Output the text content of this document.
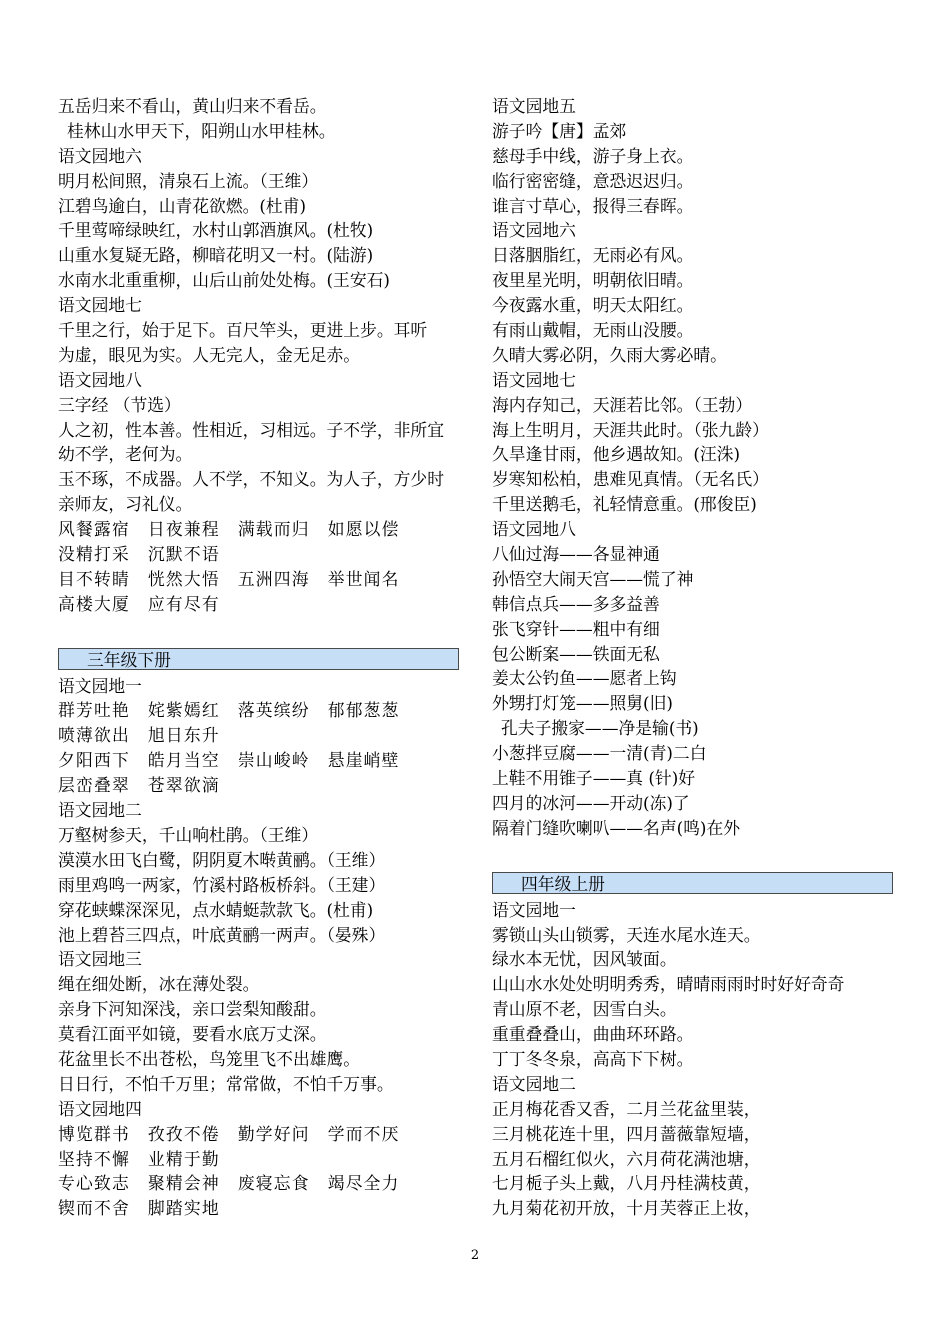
五岳归来不看山，黄山归来不看岳。
桂林山水甲天下，阳朔山水甲桂林。
语文园地六
明月松间照，清泉石上流。（王维）
江碧鸟逾白，山青花欲燃。(杜甫)
千里莺啼绿映红，水村山郭酒旗风。(杜牧)
山重水复疑无路，柳暗花明又一村。(陆游)
水南水北重重柳，山后山前处处梅。(王安石)
语文园地七
千里之行，始于足下。百尺竿头，更进上步。耳听
为虚，眼见为实。人无完人，金无足赤。
语文园地八
三字经 （节选）
人之初，性本善。性相近，习相远。子不学，非所宜
幼不学，老何为。
玉不琢，不成器。人不学，不知义。为人子，方少时
亲师友，习礼仪。
风餐露宿　日夜兼程　满载而归　如愿以偿
没精打采　沉默不语
目不转睛　恍然大悟　五洲四海　举世闻名
高楼大厦　应有尽有
三年级下册
语文园地一
群芳吐艳　姹紫嫣红　落英缤纷　郁郁葱葱
喷薄欲出　旭日东升
夕阳西下　皓月当空　崇山峻岭　悬崖峭壁
层峦叠翠　苍翠欲滴
语文园地二
万壑树参天，千山响杜鹃。（王维）
漠漠水田飞白鹭，阴阴夏木啭黄鹂。（王维）
雨里鸡鸣一两家，竹溪村路板桥斜。（王建）
穿花蛱蝶深深见，点水蜻蜓款款飞。(杜甫)
池上碧苔三四点，叶底黄鹂一两声。（晏殊）
语文园地三
绳在细处断，冰在薄处裂。
亲身下河知深浅，亲口尝梨知酸甜。
莫看江面平如镜，要看水底万丈深。
花盆里长不出苍松，鸟笼里飞不出雄鹰。
日日行，不怕千万里；常常做，不怕千万事。
语文园地四
博览群书　孜孜不倦　勤学好问　学而不厌
坚持不懈　业精于勤
专心致志　聚精会神　废寝忘食　竭尽全力
锲而不舍　脚踏实地
语文园地五
游子吟【唐】孟郊
慈母手中线，游子身上衣。
临行密密缝，意恐迟迟归。
谁言寸草心，报得三春晖。
语文园地六
日落胭脂红，无雨必有风。
夜里星光明，明朝依旧晴。
今夜露水重，明天太阳红。
有雨山戴帽，无雨山没腰。
久晴大雾必阴，久雨大雾必晴。
语文园地七
海内存知己，天涯若比邻。（王勃）
海上生明月，天涯共此时。（张九龄）
久旱逢甘雨，他乡遇故知。(汪洙)
岁寒知松柏，患难见真情。（无名氏）
千里送鹅毛，礼轻情意重。(邢俊臣)
语文园地八
八仙过海——各显神通
孙悟空大闹天宫——慌了神
韩信点兵——多多益善
张飞穿针——粗中有细
包公断案——铁面无私
姜太公钓鱼——愿者上钩
外甥打灯笼——照舅(旧)
孔夫子搬家——净是输(书)
小葱拌豆腐——一清(青)二白
上鞋不用锥子——真 (针)好
四月的冰河——开动(冻)了
隔着门缝吹喇叭——名声(鸣)在外
四年级上册
语文园地一
雾锁山头山锁雾，天连水尾水连天。
绿水本无忧，因风皱面。
山山水水处处明明秀秀，晴晴雨雨时时好好奇奇
青山原不老，因雪白头。
重重叠叠山，曲曲环环路。
丁丁冬冬泉，高高下下树。
语文园地二
正月梅花香又香，二月兰花盆里装，
三月桃花连十里，四月蔷薇靠短墙，
五月石榴红似火，六月荷花满池塘，
七月栀子头上戴，八月丹桂满枝黄，
九月菊花初开放，十月芙蓉正上妆，
2
